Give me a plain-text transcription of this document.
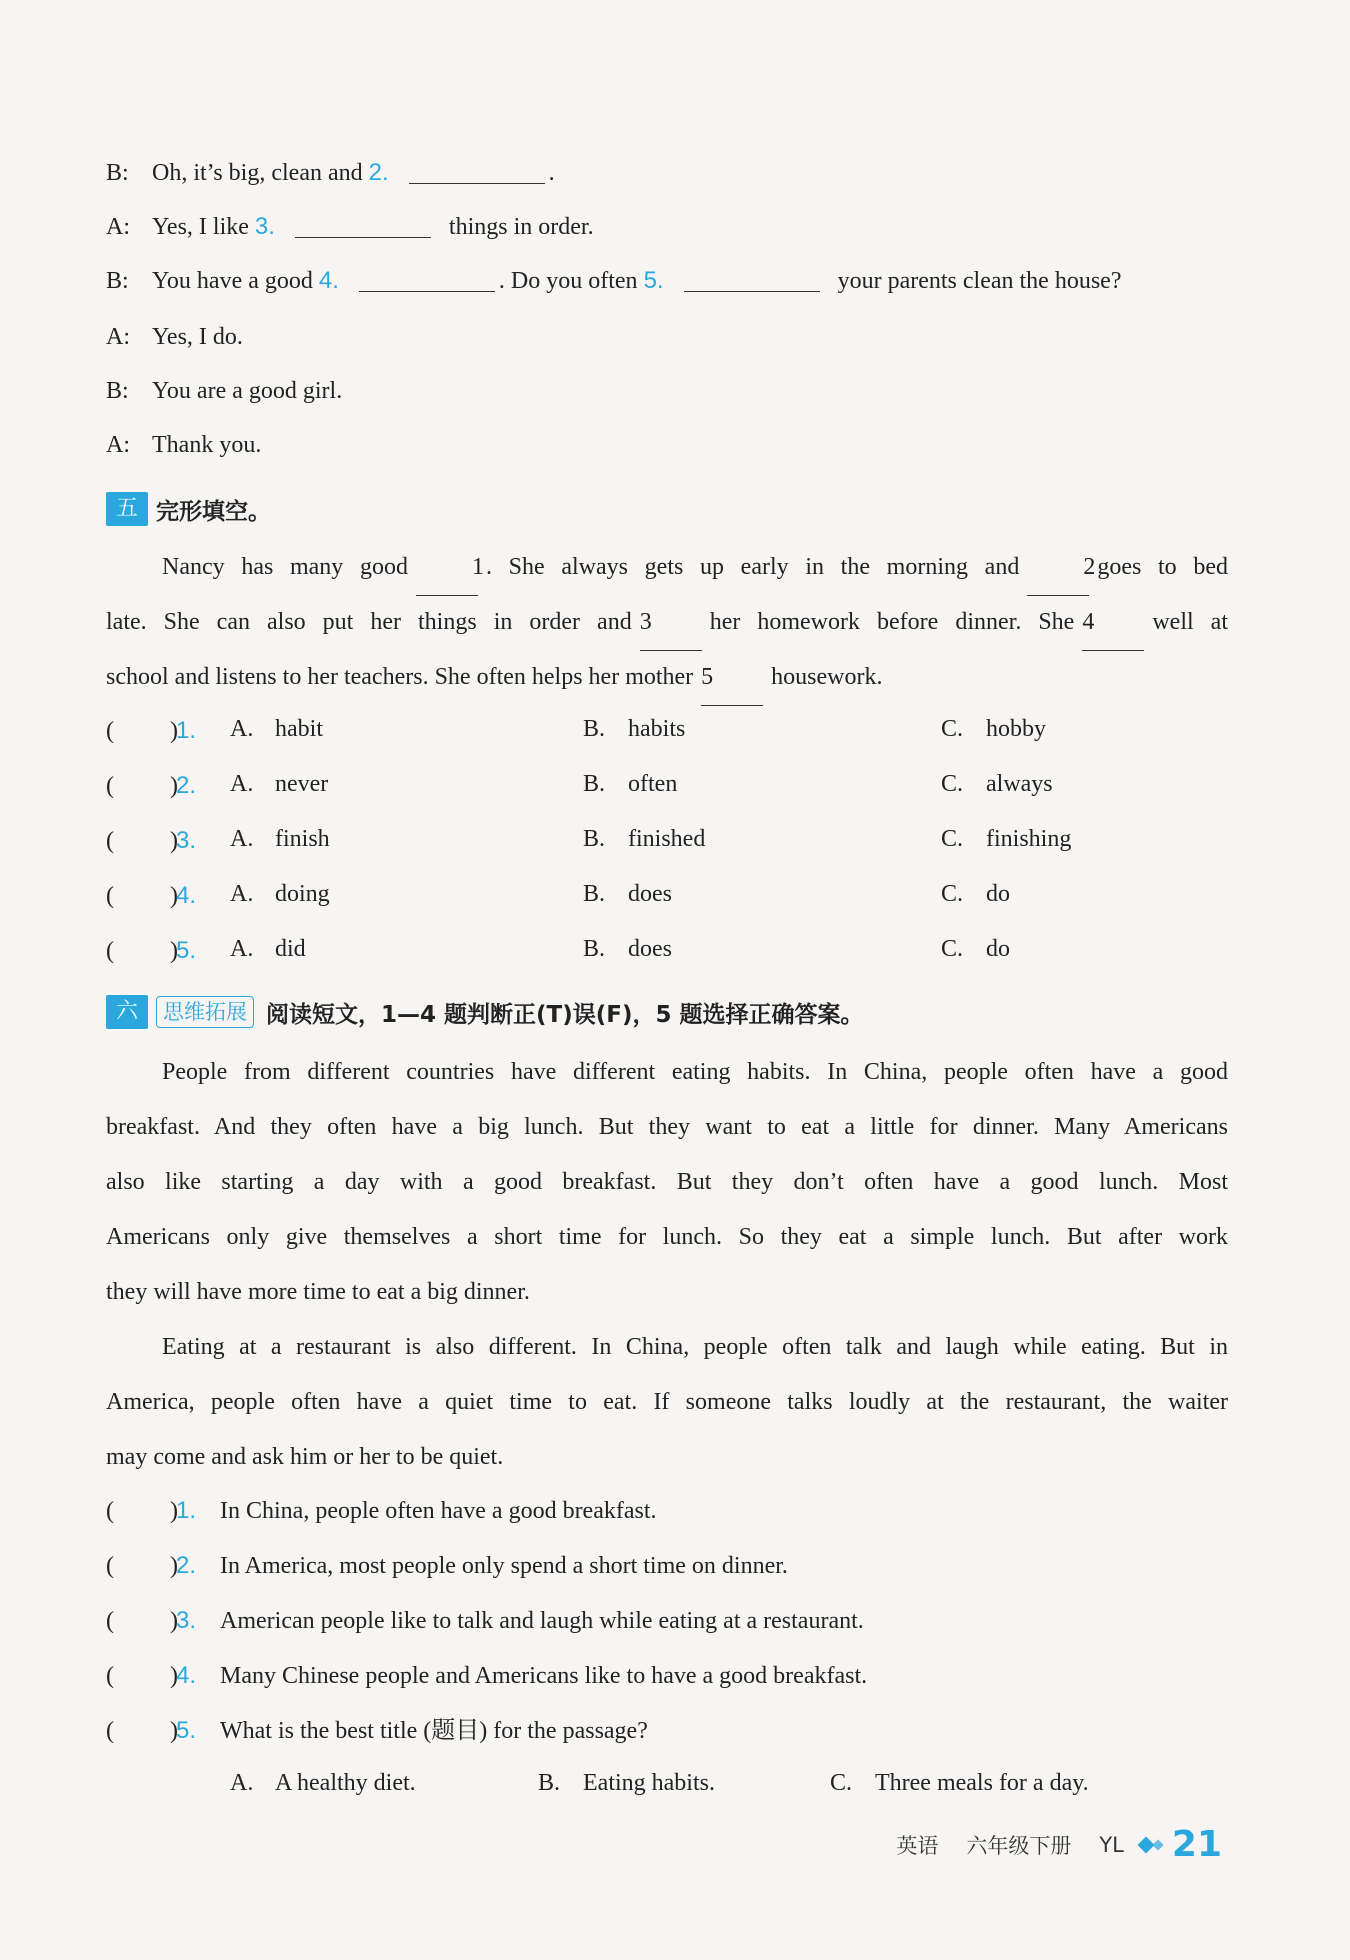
B: Oh, it’s big, clean and 2.	.
A: Yes, I like 3.	things in order.
B: You have a good 4.	. Do you often 5.	your parents clean the house?
A: Yes, I do.
B: You are a good girl.
A: Thank you.
五 完形填空。
Nancy has many good	1. She always gets up early in the morning and	2goes to bed
late. She can also put her things in order and 3 her homework before dinner. She 4 well at
school and listens to her teachers. She often helps her mother 5 housework.
( )1.	A. habit	B. habits	C. hobby
( )2.	A. never	B. often	C. always
( )3.	A. finish	B. finished	C. finishing
( )4.	A. doing	B. does	C. do
( )5.	A. did	B. does	C. do
六	思维拓展 阅读短文，1—4 题判断正(T)误(F)，5 题选择正确答案。
People from different countries have different eating habits. In China, people often have a good
breakfast. And they often have a big lunch. But they want to eat a little for dinner. Many Americans
also like starting a day with a good breakfast. But they don’t often have a good lunch. Most
Americans only give themselves a short time for lunch. So they eat a simple lunch. But after work
they will have more time to eat a big dinner.
Eating at a restaurant is also different. In China, people often talk and laugh while eating. But in
America, people often have a quiet time to eat. If someone talks loudly at the restaurant, the waiter
may come and ask him or her to be quiet.
( )1. In China, people often have a good breakfast.
( )2. In America, most people only spend a short time on dinner.
( )3. American people like to talk and laugh while eating at a restaurant.
( )4. Many Chinese people and Americans like to have a good breakfast.
( )5. What is the best title (题目) for the passage?
A. A healthy diet.	B. Eating habits.	C. Three meals for a day.
英语 六年级下册 YL 21
